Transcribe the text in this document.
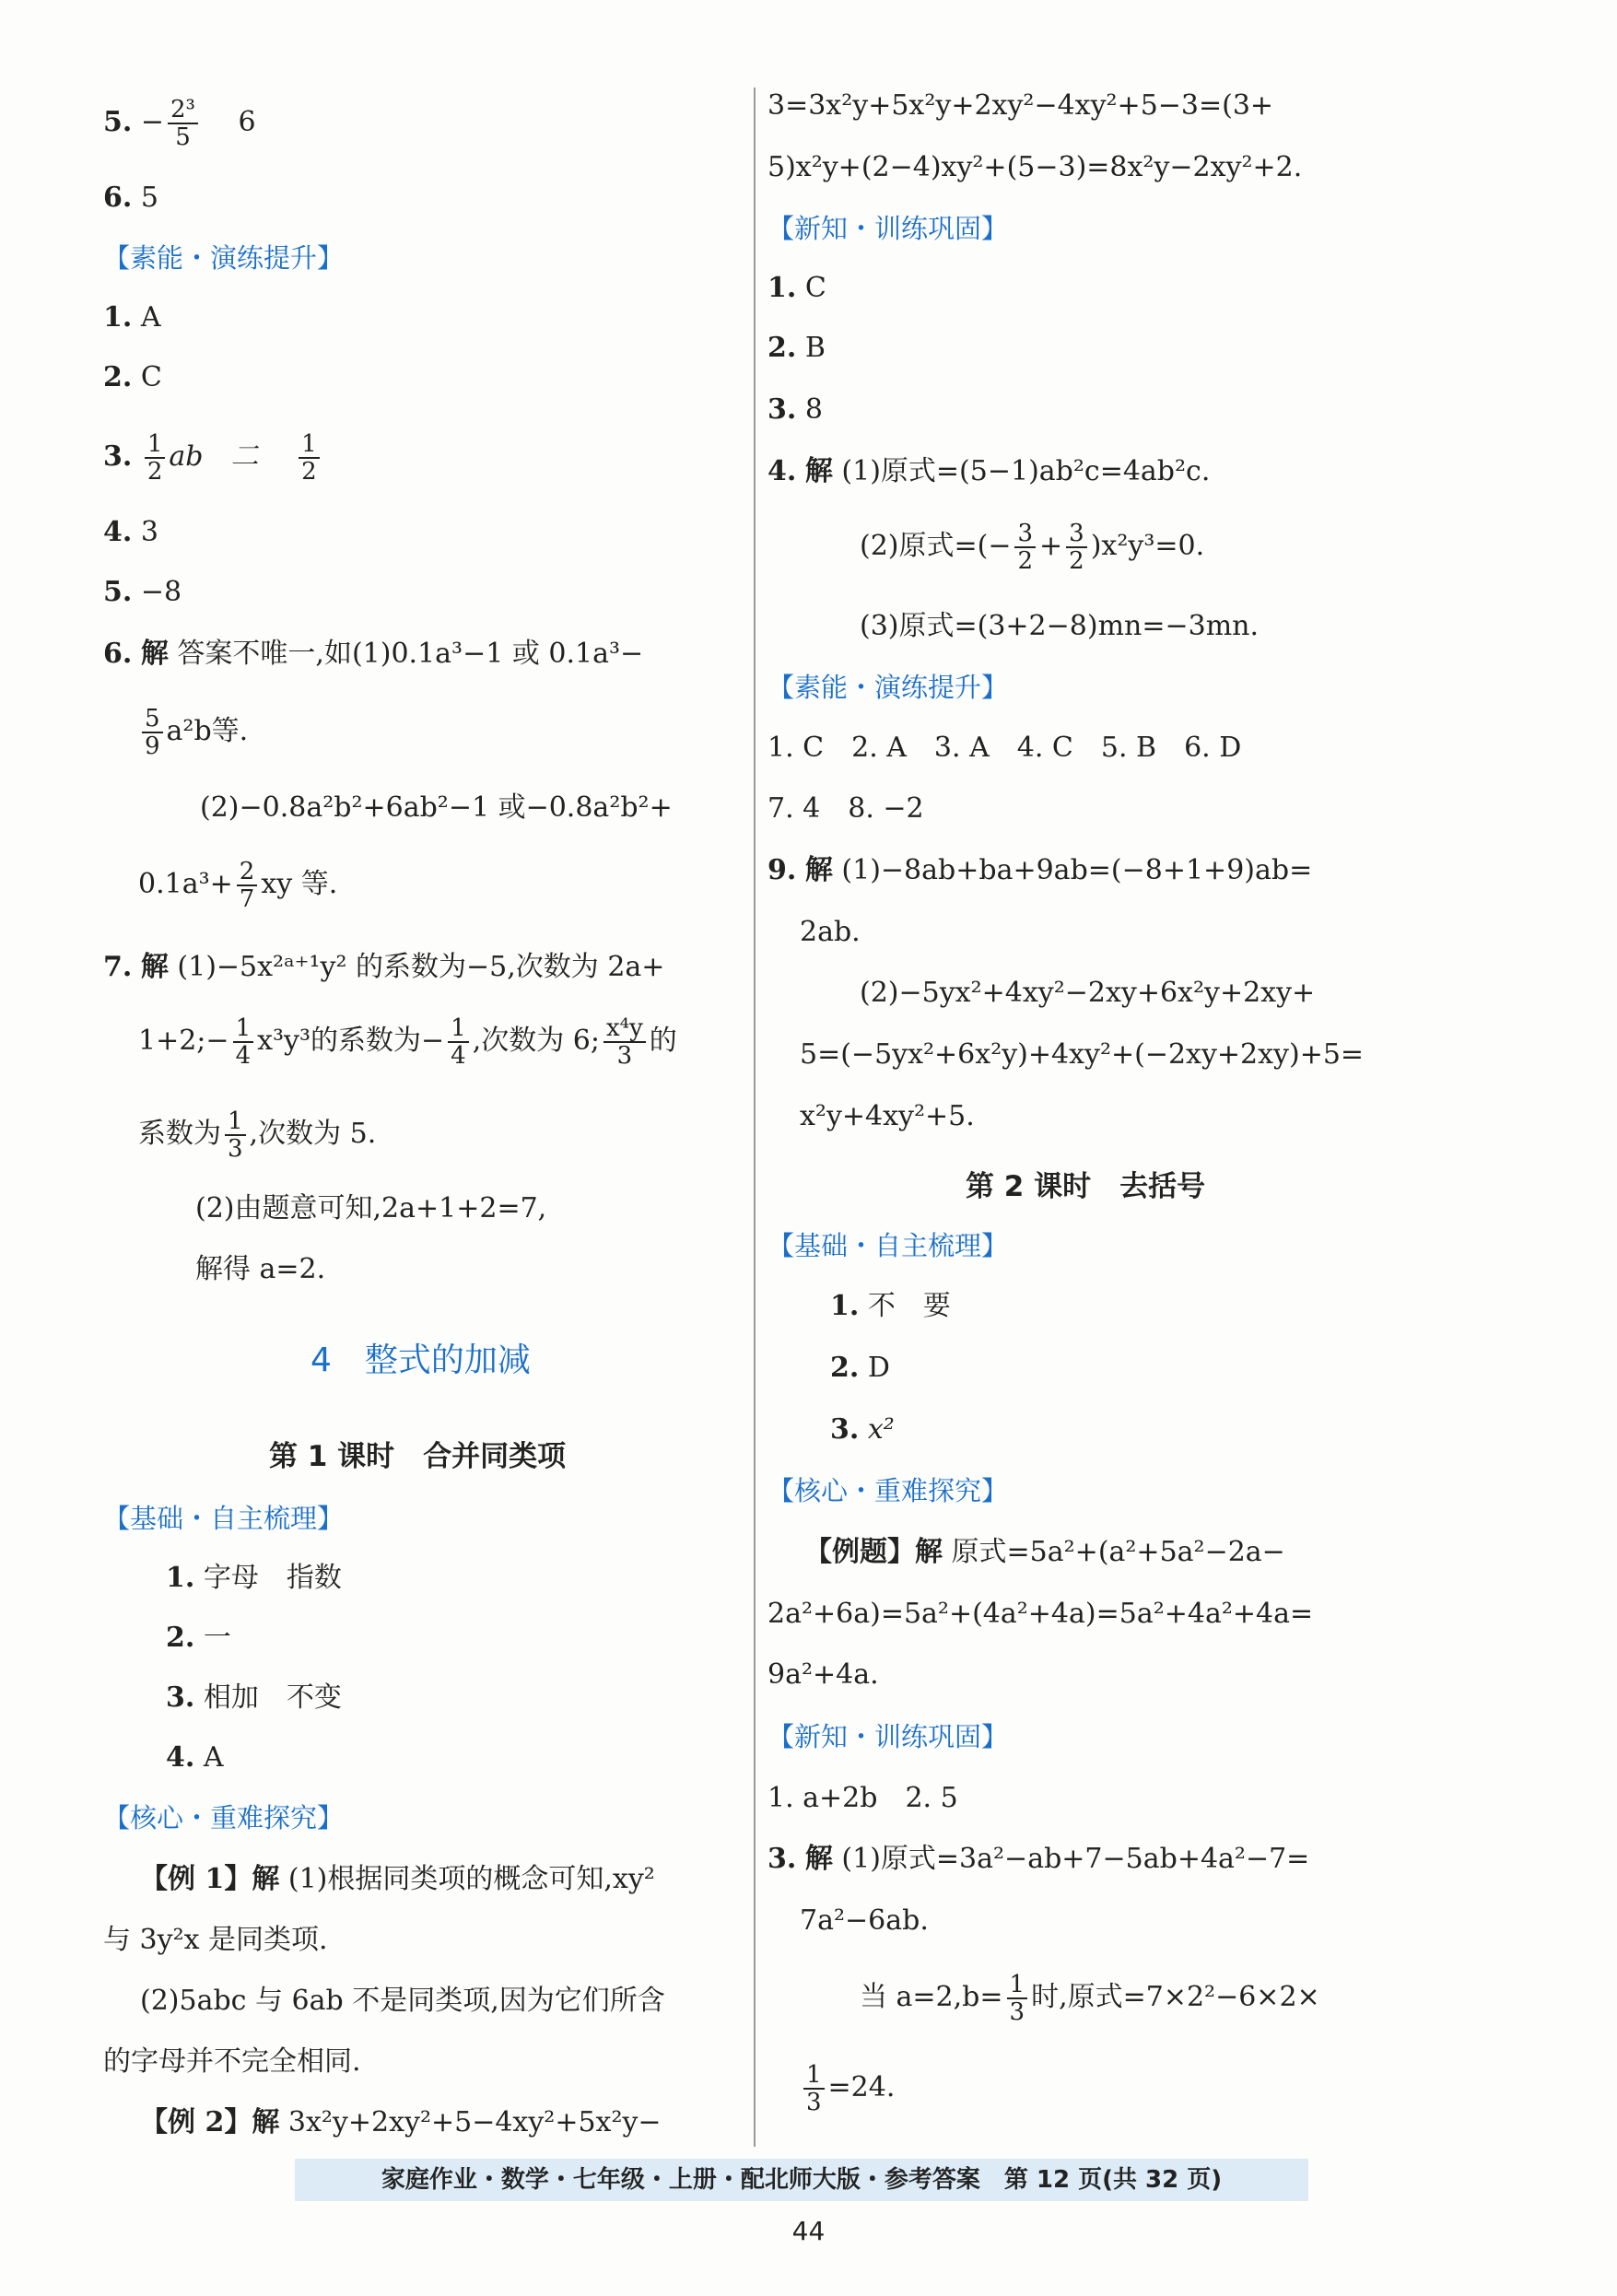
5. − $\frac{\text{2³}}{5}$
　 6
6. 5
【素能・演练提升】
1. A
2. C
3. $\frac{1}{2}$ ab　二　 $\frac{1}{2}$
4. 3
5. −8
6. 解 答案不唯一,如(1)0.1a³−1 或 0.1a³−
$\frac{5}{9} a^2b$等.
(2)−0.8a²b²+6ab²−1 或−0.8a²b²+
$0.1a^3+ \frac{2}{7}$ xy 等.
7. 解 (1)−5x²ᵃ⁺¹y² 的系数为−5,次数为 2a+
1+2;− $\frac{1}{4} x^3y^3$的系数为− $\frac{1}{4}$ ,次数为 6; $\frac{\text{x⁴y}}{3}$ 的
系数为 $\frac{1}{3}$ ,次数为 5.
(2)由题意可知,2a+1+2=7,
解得 a=2.
4　整式的加减
第 1 课时　合并同类项
【基础・自主梳理】
1. 字母　指数
2. 一
3. 相加　不变
4. A
【核心・重难探究】
【例 1】解 (1)根据同类项的概念可知,xy²
与 3y²x 是同类项.
(2)5abc 与 6ab 不是同类项,因为它们所含
的字母并不完全相同.
【例 2】解 3x²y+2xy²+5−4xy²+5x²y−
3=3x²y+5x²y+2xy²−4xy²+5−3=(3+
5)x²y+(2−4)xy²+(5−3)=8x²y−2xy²+2.
【新知・训练巩固】
1. C
2. B
3. 8
4. 解 (1)原式=(5−1)ab²c=4ab²c.
(2)原式=(− $\frac{3}{2} + \frac{3}{2} )x^2y^3=0$.
(3)原式=(3+2−8)mn=−3mn.
【素能・演练提升】
1. C　2. A　3. A　4. C　5. B　6. D
7. 4　8. −2
9. 解 (1)−8ab+ba+9ab=(−8+1+9)ab=
2ab.
(2)−5yx²+4xy²−2xy+6x²y+2xy+
5=(−5yx²+6x²y)+4xy²+(−2xy+2xy)+5=
x²y+4xy²+5.
第 2 课时　去括号
【基础・自主梳理】
1. 不　要
2. D
3. x²
【核心・重难探究】
【例题】解 原式=5a²+(a²+5a²−2a−
2a²+6a)=5a²+(4a²+4a)=5a²+4a²+4a=
9a²+4a.
【新知・训练巩固】
1. a+2b　2. 5
3. 解 (1)原式=3a²−ab+7−5ab+4a²−7=
7a²−6ab.
当 $a=2,b= \frac{1}{3}$ 时,原式=7×2²−6×2×
$\frac{1}{3} =24$.
家庭作业・数学・七年级・上册・配北师大版・参考答案　第 12 页(共 32 页)
44
